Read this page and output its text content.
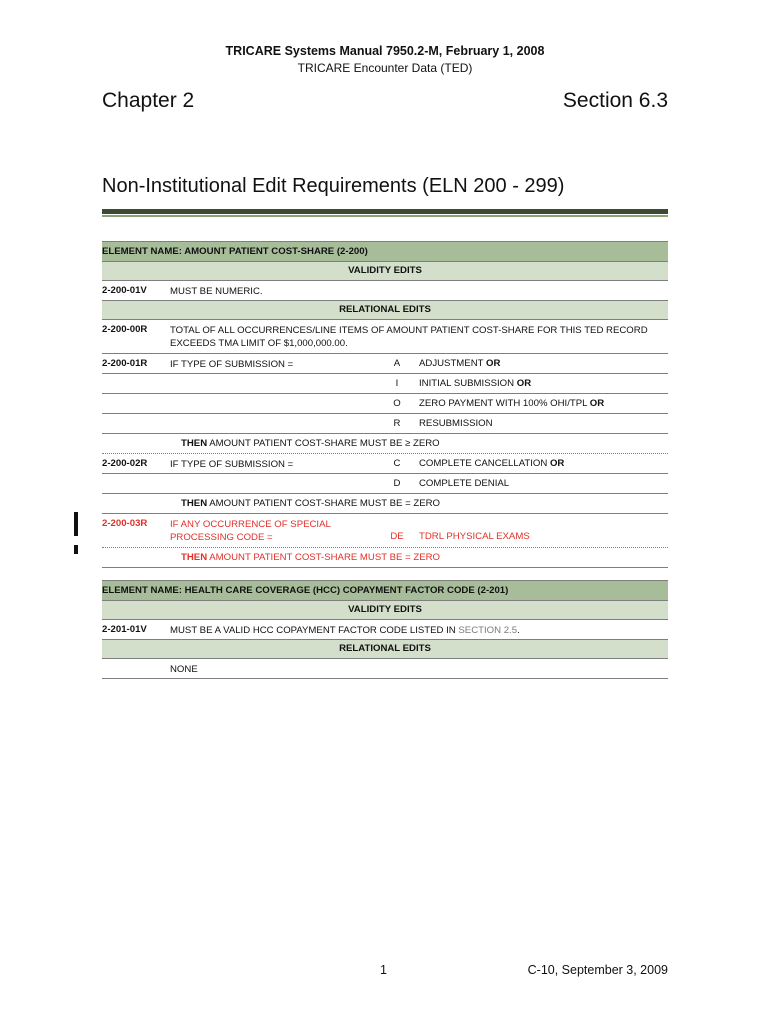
TRICARE Systems Manual 7950.2-M, February 1, 2008
TRICARE Encounter Data (TED)
Chapter 2	Section 6.3
Non-Institutional Edit Requirements (ELN 200 - 299)
ELEMENT NAME: AMOUNT PATIENT COST-SHARE (2-200)
VALIDITY EDITS
2-200-01V MUST BE NUMERIC.
RELATIONAL EDITS
2-200-00R TOTAL OF ALL OCCURRENCES/LINE ITEMS OF AMOUNT PATIENT COST-SHARE FOR THIS TED RECORD EXCEEDS TMA LIMIT OF $1,000,000.00.
2-200-01R IF TYPE OF SUBMISSION =	A	ADJUSTMENT OR
I	INITIAL SUBMISSION OR
O	ZERO PAYMENT WITH 100% OHI/TPL OR
R	RESUBMISSION
THEN AMOUNT PATIENT COST-SHARE MUST BE ≥ ZERO
2-200-02R IF TYPE OF SUBMISSION =	C	COMPLETE CANCELLATION OR
D	COMPLETE DENIAL
THEN AMOUNT PATIENT COST-SHARE MUST BE = ZERO
2-200-03R IF ANY OCCURRENCE OF SPECIAL
PROCESSING CODE =	DE	TDRL PHYSICAL EXAMS
THEN AMOUNT PATIENT COST-SHARE MUST BE = ZERO
ELEMENT NAME: HEALTH CARE COVERAGE (HCC) COPAYMENT FACTOR CODE (2-201)
VALIDITY EDITS
2-201-01V MUST BE A VALID HCC COPAYMENT FACTOR CODE LISTED IN SECTION 2.5.
RELATIONAL EDITS
NONE
1	C-10, September 3, 2009
